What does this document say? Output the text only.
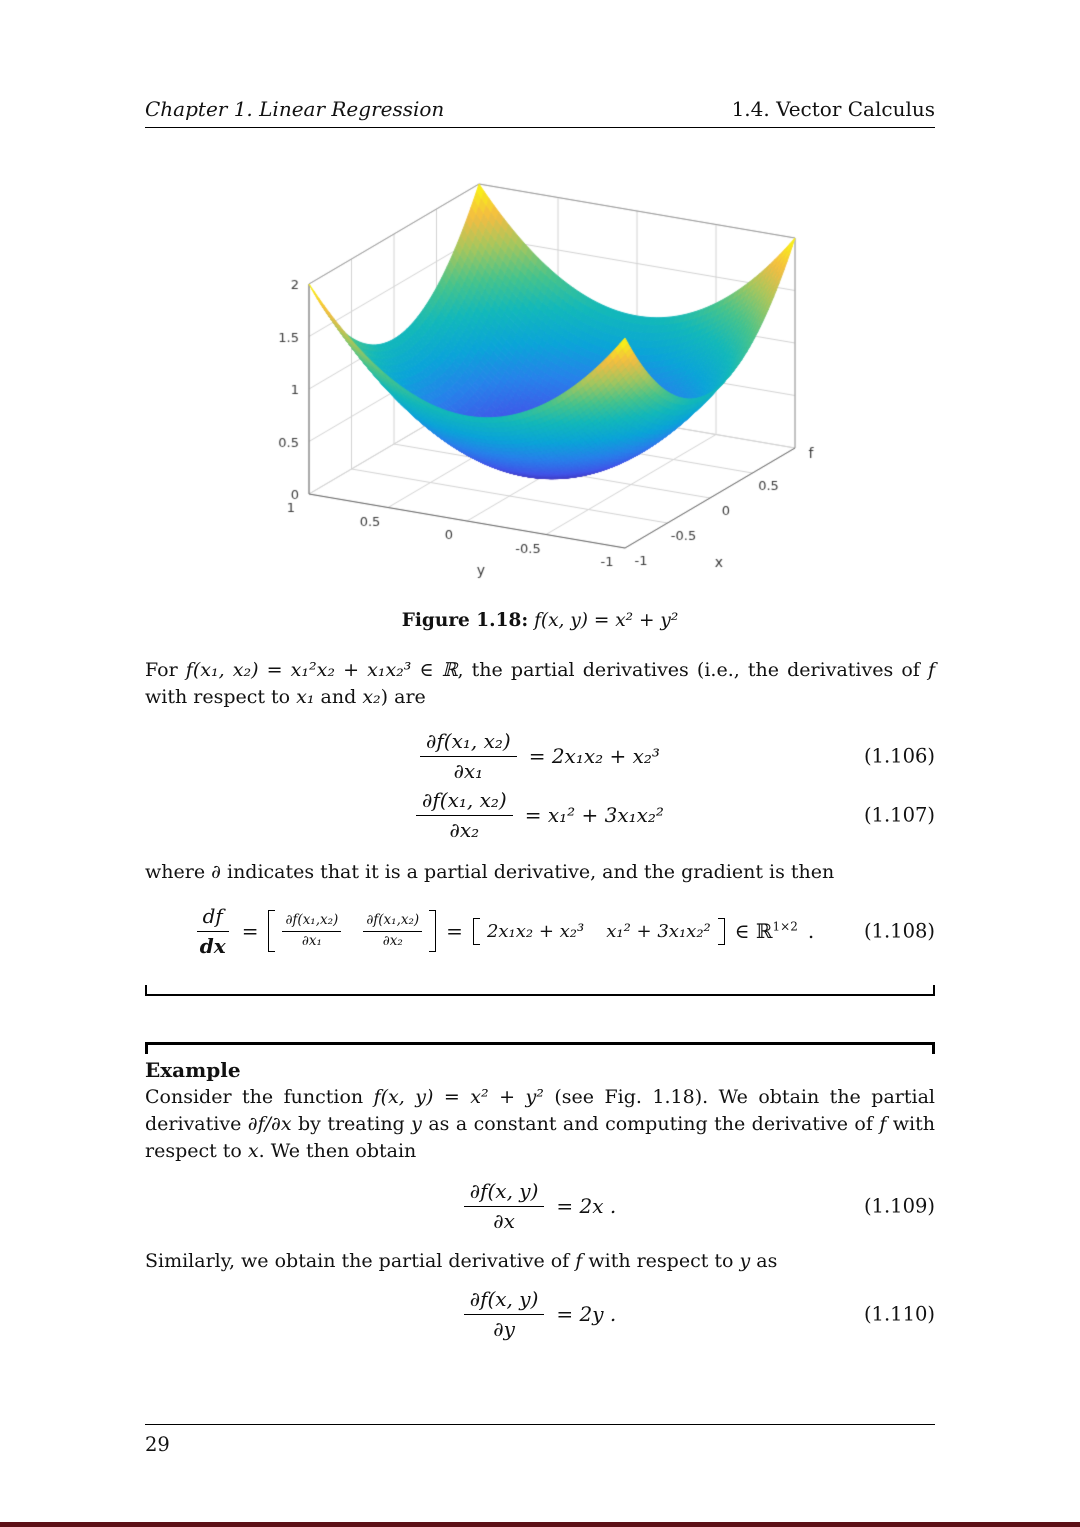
Chapter 1. Linear Regression	1.4. Vector Calculus
Figure 1.18: f(x, y) = x² + y²

For f(x₁, x₂) = x₁²x₂ + x₁x₂³ ∈ ℝ, the partial derivatives (i.e., the derivatives of f with respect to x₁ and x₂) are

$\frac{\text{∂f(x₁, x₂)}}{\text{∂x₁}} = 2x_1x_2 + x_2^3$	(1.106)
$\frac{\text{∂f(x₁, x₂)}}{\text{∂x₂}} = x_1^2 + 3x_1x_2^2$	(1.107)

where ∂ indicates that it is a partial derivative, and the gradient is then

$\frac{df}{dx} = \frac{\text{∂f(x₁,x₂)}}{\text{∂x₁}} \frac{\text{∂f(x₁,x₂)}}{\text{∂x₂}} = 2x_1x_2 + x_2^3$ x₁² + 3x₁x₂² ∈ ℝ$^{1\times 2}$ .	(1.108)
Example

Consider the function f(x, y) = x² + y² (see Fig. 1.18). We obtain the partial derivative ∂f/∂x by treating y as a constant and computing the derivative of f with respect to x. We then obtain

$\frac{\partial f(x, y)}{\partial x} = 2x$ .	(1.109)

Similarly, we obtain the partial derivative of f with respect to y as

$\frac{\partial f(x, y)}{\partial y} = 2y$ .	(1.110)
29
